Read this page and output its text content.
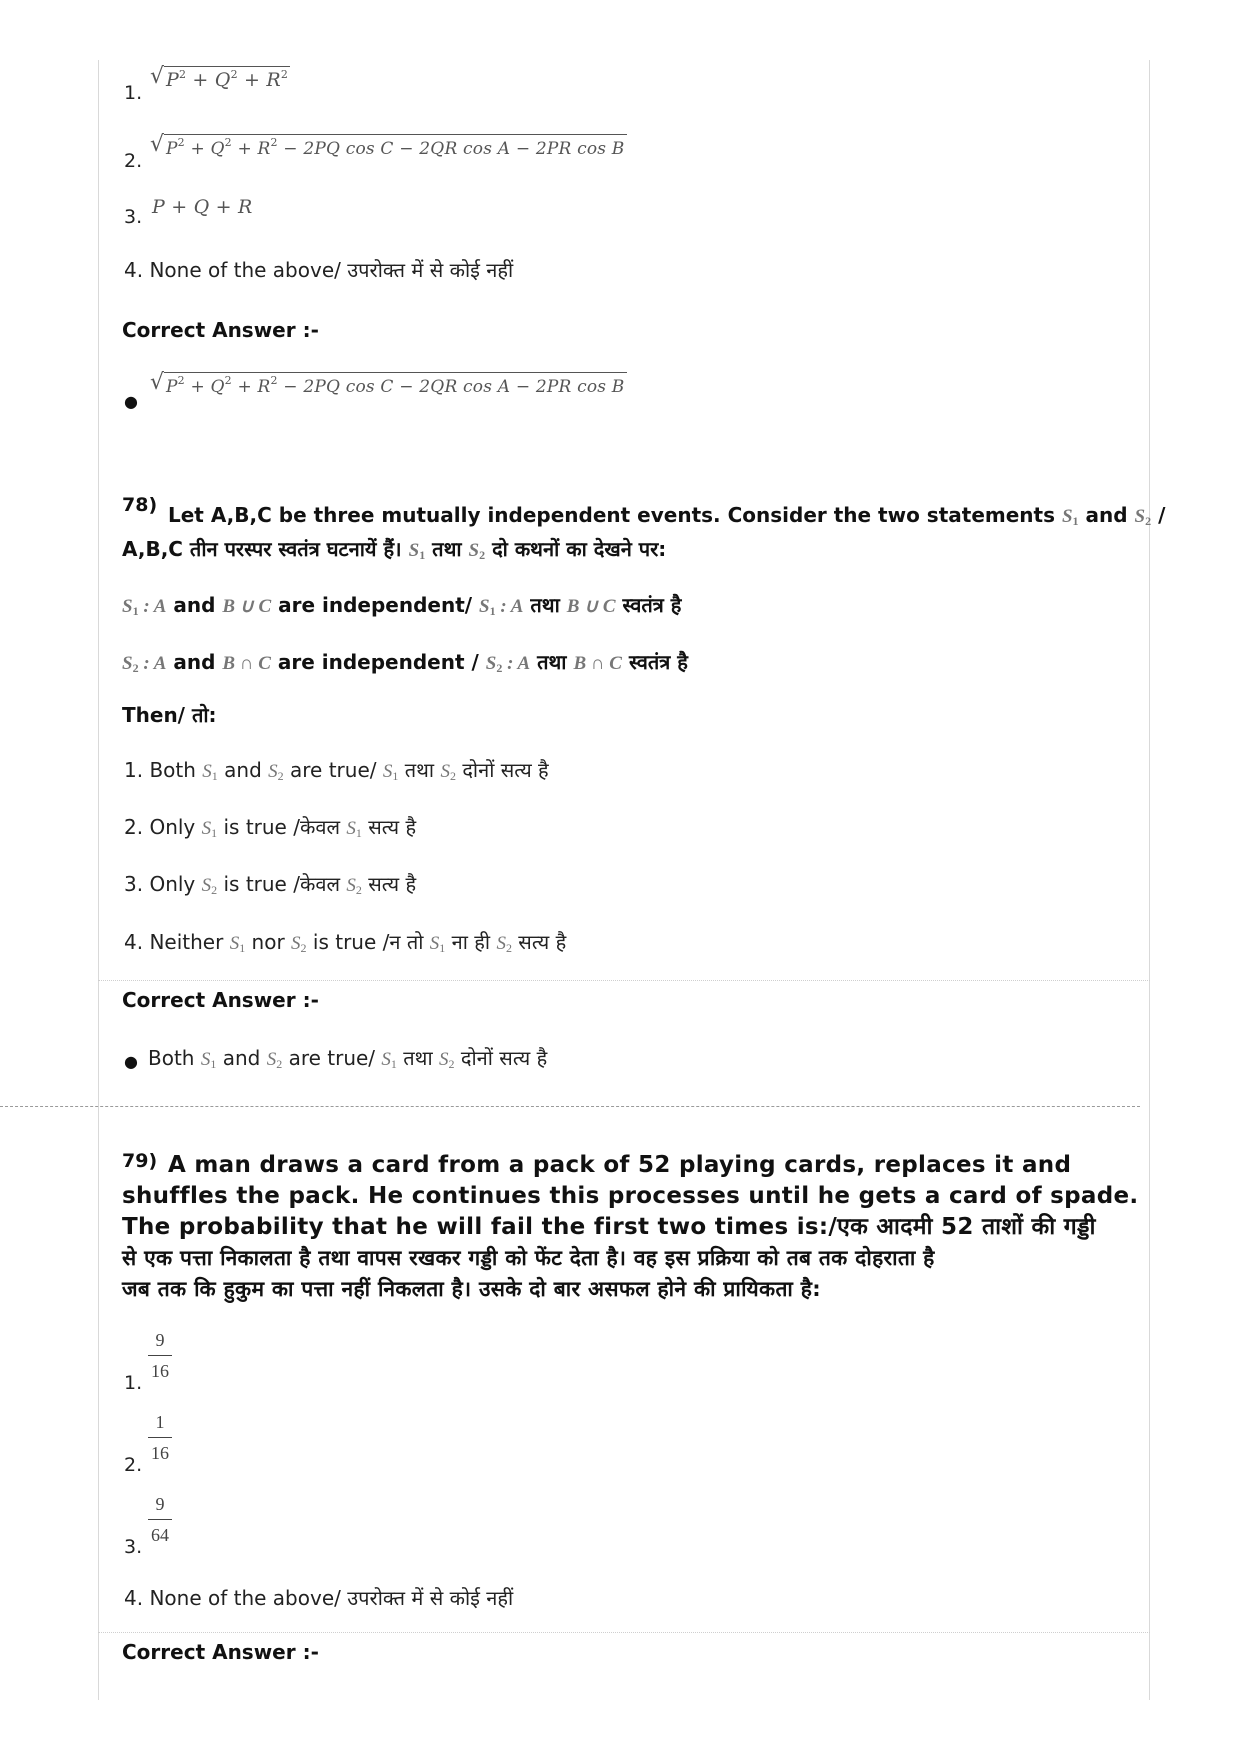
1.
√ $P^2 + Q^2 + R^2$
2.
√ $P^2 + Q^2 + R^2 - 2PQ$ cos C − 2QR cos A − 2PR cos B
3. P + Q + R
4. None of the above/ उपरोक्त में से कोई नहीं
Correct Answer :-
●
√ $P^2 + Q^2 + R^2 - 2PQ$ cos C − 2QR cos A − 2PR cos B
78) Let A,B,C be three mutually independent events. Consider the two statements $S_1$ and $S_2$ /
A,B,C तीन परस्पर स्वतंत्र घटनायें हैं। $S_1$ तथा $S_2$ दो कथनों का देखने पर:
$S_1$ : A and B ∪ C are independent/ $S_1$ : A तथा B ∪ C स्वतंत्र है
$S_2$ : A and B ∩ C are independent / $S_2$ : A तथा B ∩ C स्वतंत्र है
Then/ तो:
1. Both $S_1$ and $S_2$ are true/ $S_1$ तथा $S_2$ दोनों सत्य है
2. Only $S_1$ is true /केवल $S_1$ सत्य है
3. Only $S_2$ is true /केवल $S_2$ सत्य है
4. Neither $S_1$ nor $S_2$ is true /न तो $S_1$ ना ही $S_2$ सत्य है
Correct Answer :-
● Both $S_1$ and $S_2$ are true/ $S_1$ तथा $S_2$ दोनों सत्य है
79) A man draws a card from a pack of 52 playing cards, replaces it and
shuffles the pack. He continues this processes until he gets a card of spade.
The probability that he will fail the first two times is:/एक आदमी 52 ताशों की गड्डी
से एक पत्ता निकालता है तथा वापस रखकर गड्डी को फेंट देता है। वह इस प्रक्रिया को तब तक दोहराता है
जब तक कि हुकुम का पत्ता नहीं निकलता है। उसके दो बार असफल होने की प्रायिकता है:
1.
9
16
2.
1
16
3.
9
64
4. None of the above/ उपरोक्त में से कोई नहीं
Correct Answer :-
